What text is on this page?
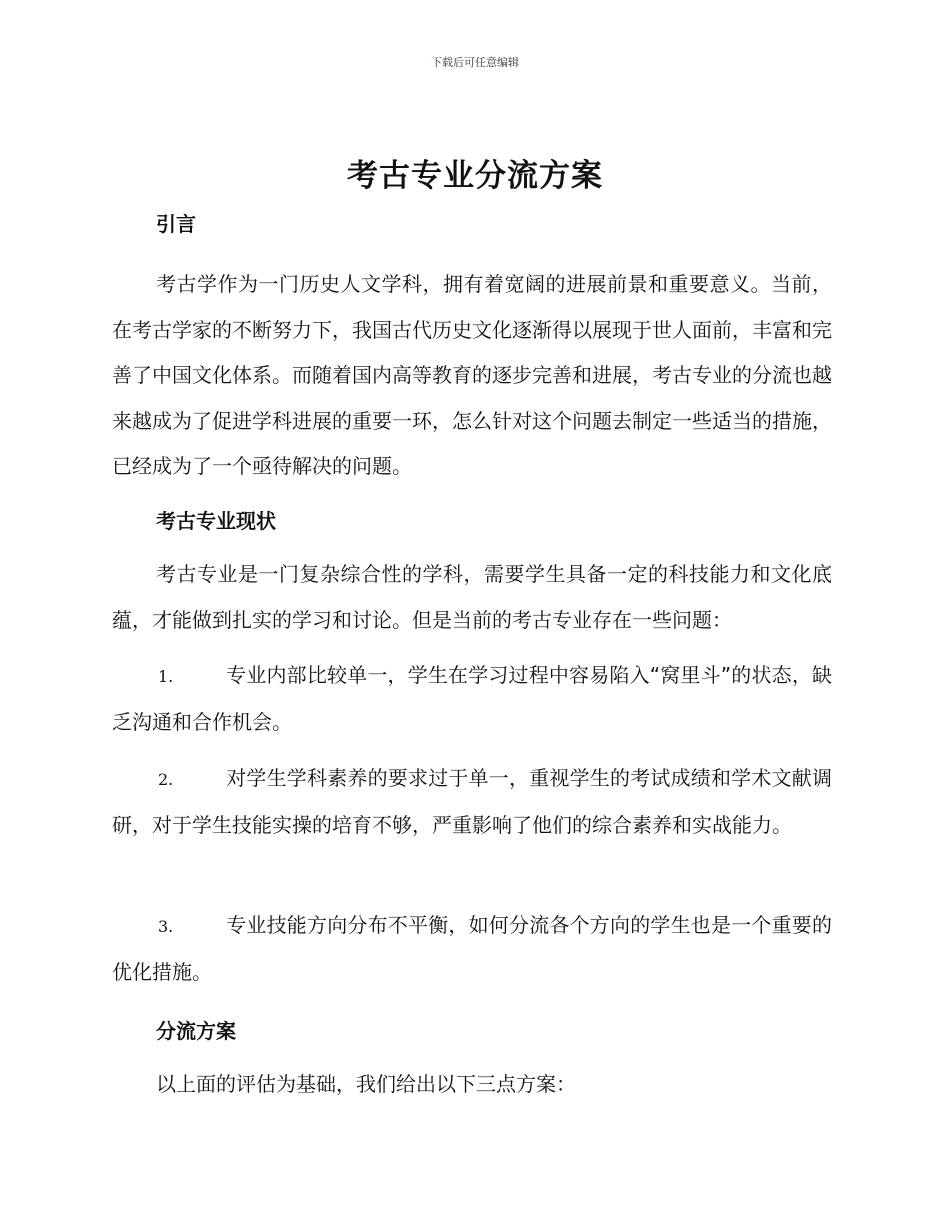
下载后可任意编辑
考古专业分流方案
引言

考古学作为一门历史人文学科，拥有着宽阔的进展前景和重要意义。当前，在考古学家的不断努力下，我国古代历史文化逐渐得以展现于世人面前，丰富和完善了中国文化体系。而随着国内高等教育的逐步完善和进展，考古专业的分流也越来越成为了促进学科进展的重要一环，怎么针对这个问题去制定一些适当的措施，已经成为了一个亟待解决的问题。

考古专业现状

考古专业是一门复杂综合性的学科，需要学生具备一定的科技能力和文化底蕴，才能做到扎实的学习和讨论。但是当前的考古专业存在一些问题：

1.	专业内部比较单一，学生在学习过程中容易陷入“窝里斗”的状态，缺乏沟通和合作机会。

2.	对学生学科素养的要求过于单一，重视学生的考试成绩和学术文献调研，对于学生技能实操的培育不够，严重影响了他们的综合素养和实战能力。

3.	专业技能方向分布不平衡，如何分流各个方向的学生也是一个重要的优化措施。

分流方案

以上面的评估为基础，我们给出以下三点方案：
